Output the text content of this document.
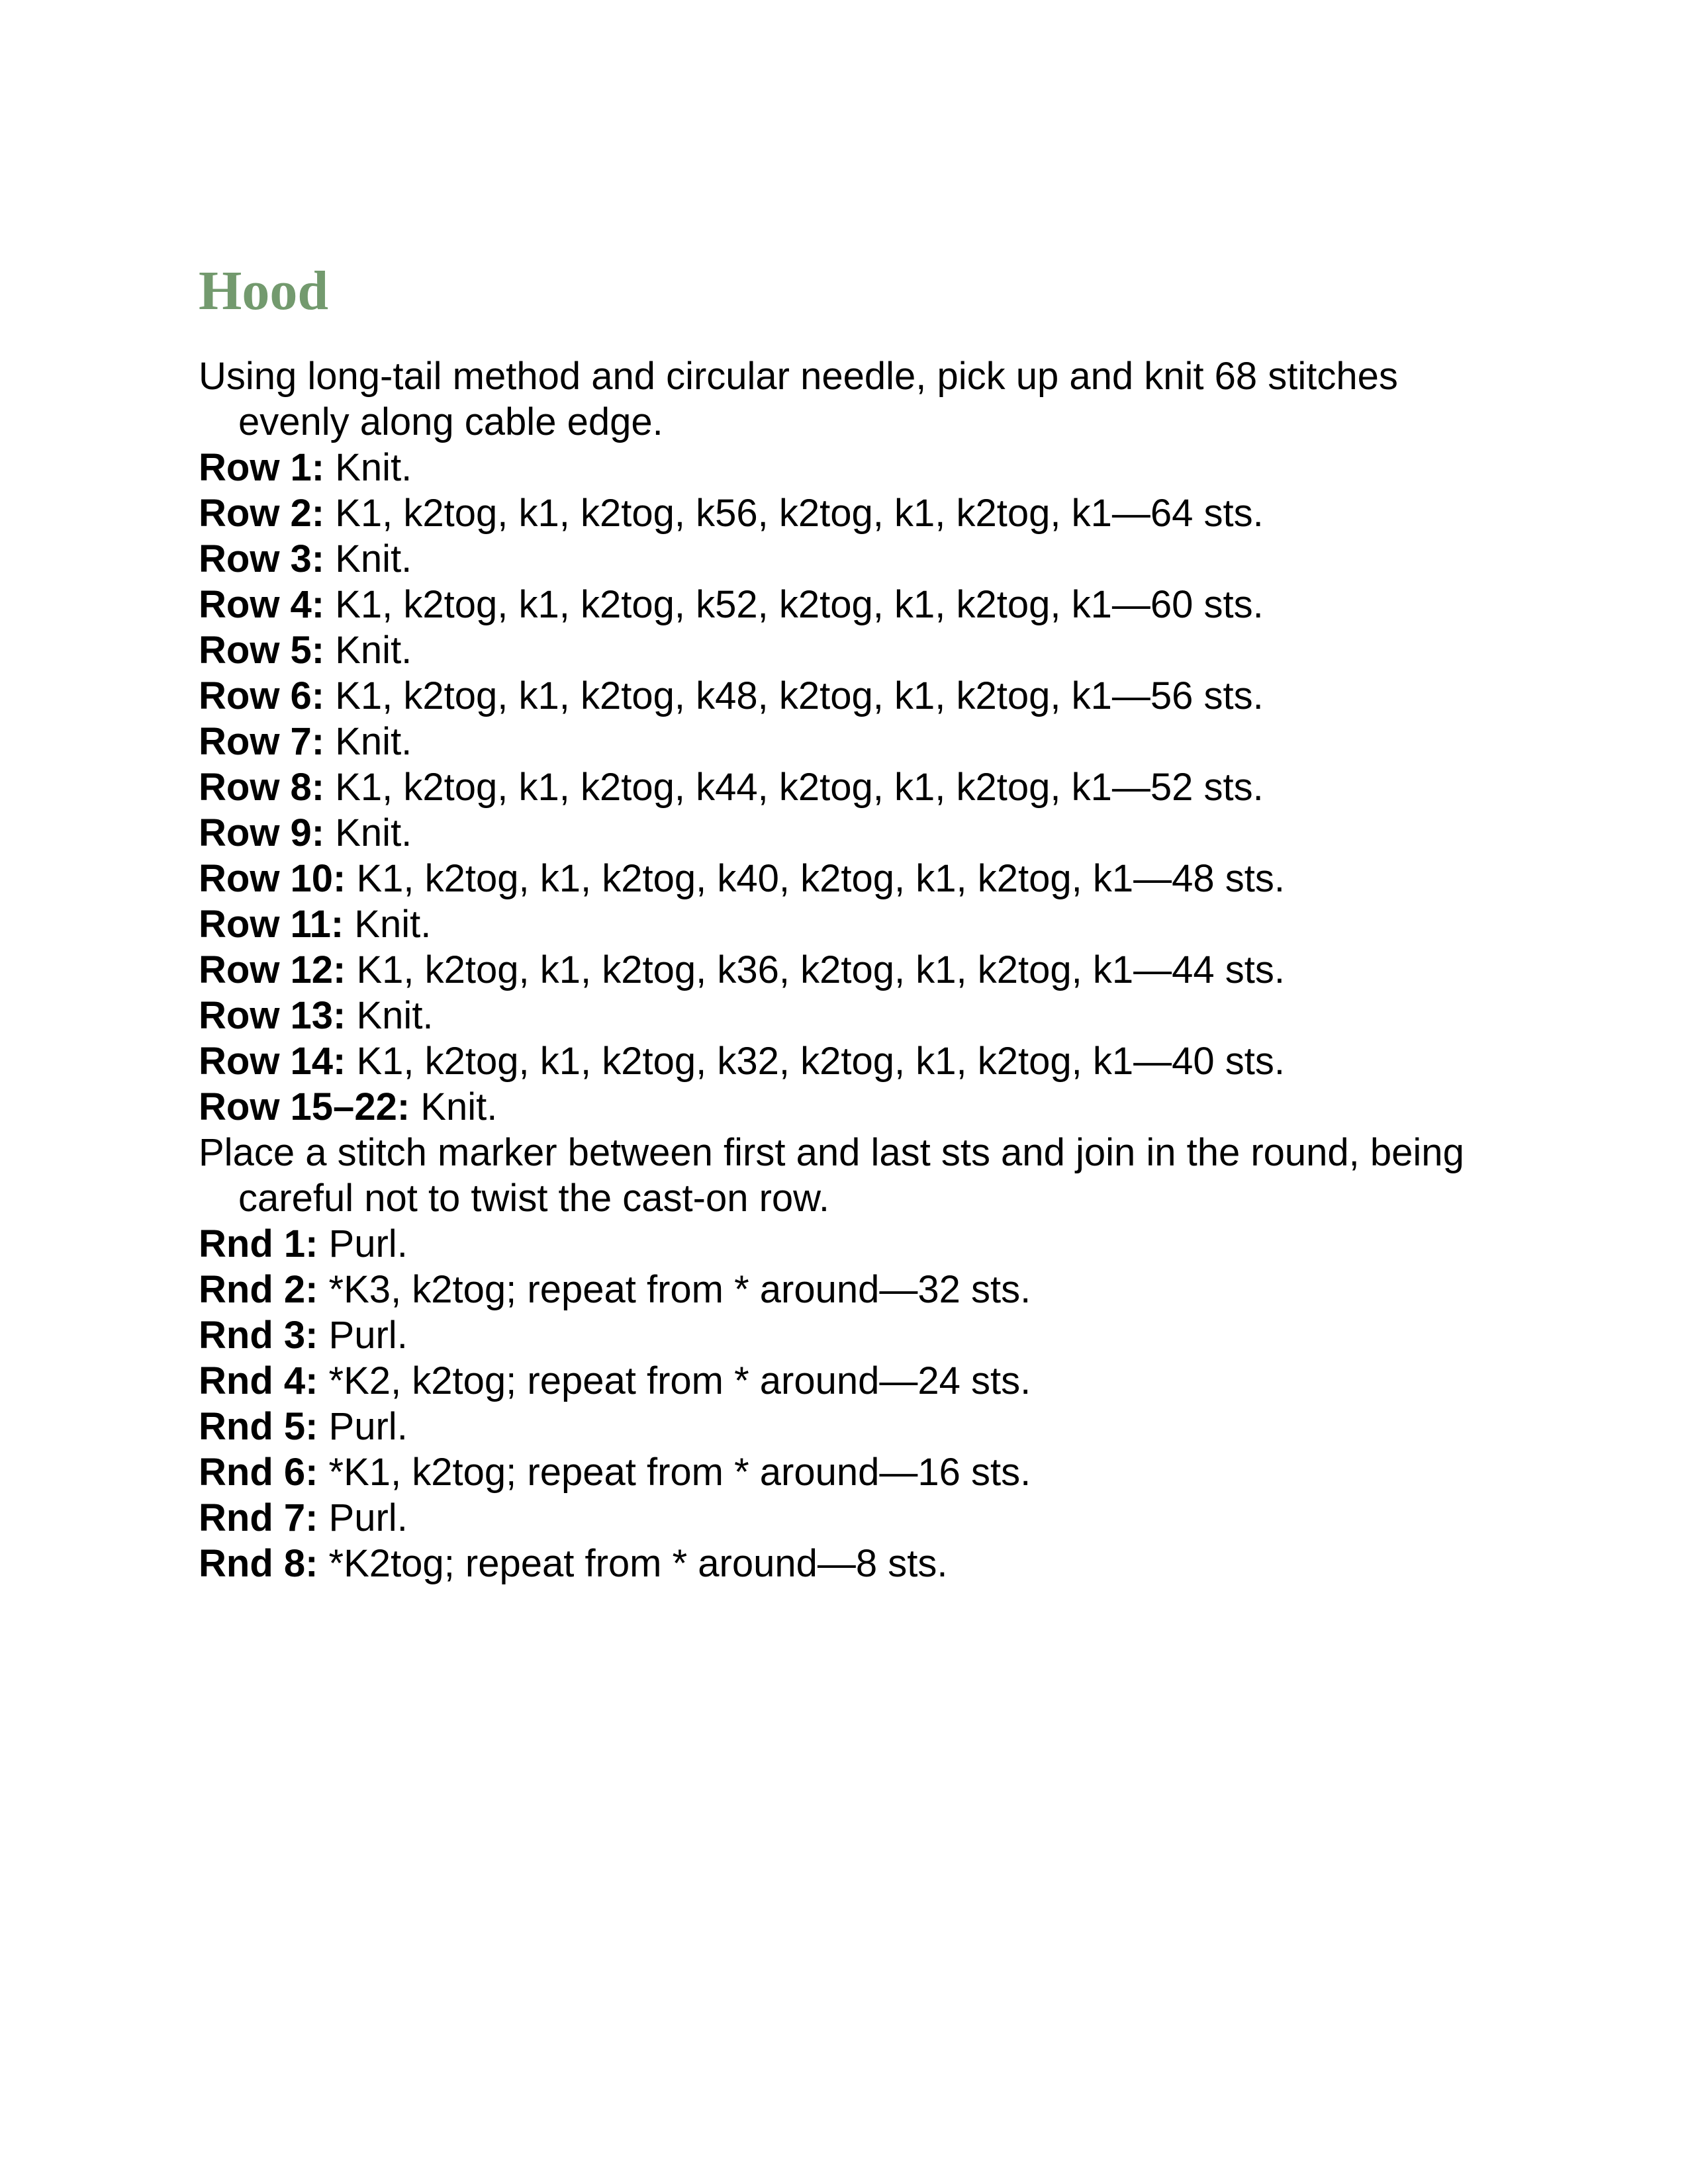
Hood

Using long-tail method and circular needle, pick up and knit 68 stitches evenly along cable edge.

Row 1: Knit.

Row 2: K1, k2tog, k1, k2tog, k56, k2tog, k1, k2tog, k1—64 sts.

Row 3: Knit.

Row 4: K1, k2tog, k1, k2tog, k52, k2tog, k1, k2tog, k1—60 sts.

Row 5: Knit.

Row 6: K1, k2tog, k1, k2tog, k48, k2tog, k1, k2tog, k1—56 sts.

Row 7: Knit.

Row 8: K1, k2tog, k1, k2tog, k44, k2tog, k1, k2tog, k1—52 sts.

Row 9: Knit.

Row 10: K1, k2tog, k1, k2tog, k40, k2tog, k1, k2tog, k1—48 sts.

Row 11: Knit.

Row 12: K1, k2tog, k1, k2tog, k36, k2tog, k1, k2tog, k1—44 sts.

Row 13: Knit.

Row 14: K1, k2tog, k1, k2tog, k32, k2tog, k1, k2tog, k1—40 sts.

Row 15–22: Knit.

Place a stitch marker between first and last sts and join in the round, being careful not to twist the cast-on row.

Rnd 1: Purl.

Rnd 2: *K3, k2tog; repeat from * around—32 sts.

Rnd 3: Purl.

Rnd 4: *K2, k2tog; repeat from * around—24 sts.

Rnd 5: Purl.

Rnd 6: *K1, k2tog; repeat from * around—16 sts.

Rnd 7: Purl.

Rnd 8: *K2tog; repeat from * around—8 sts.
